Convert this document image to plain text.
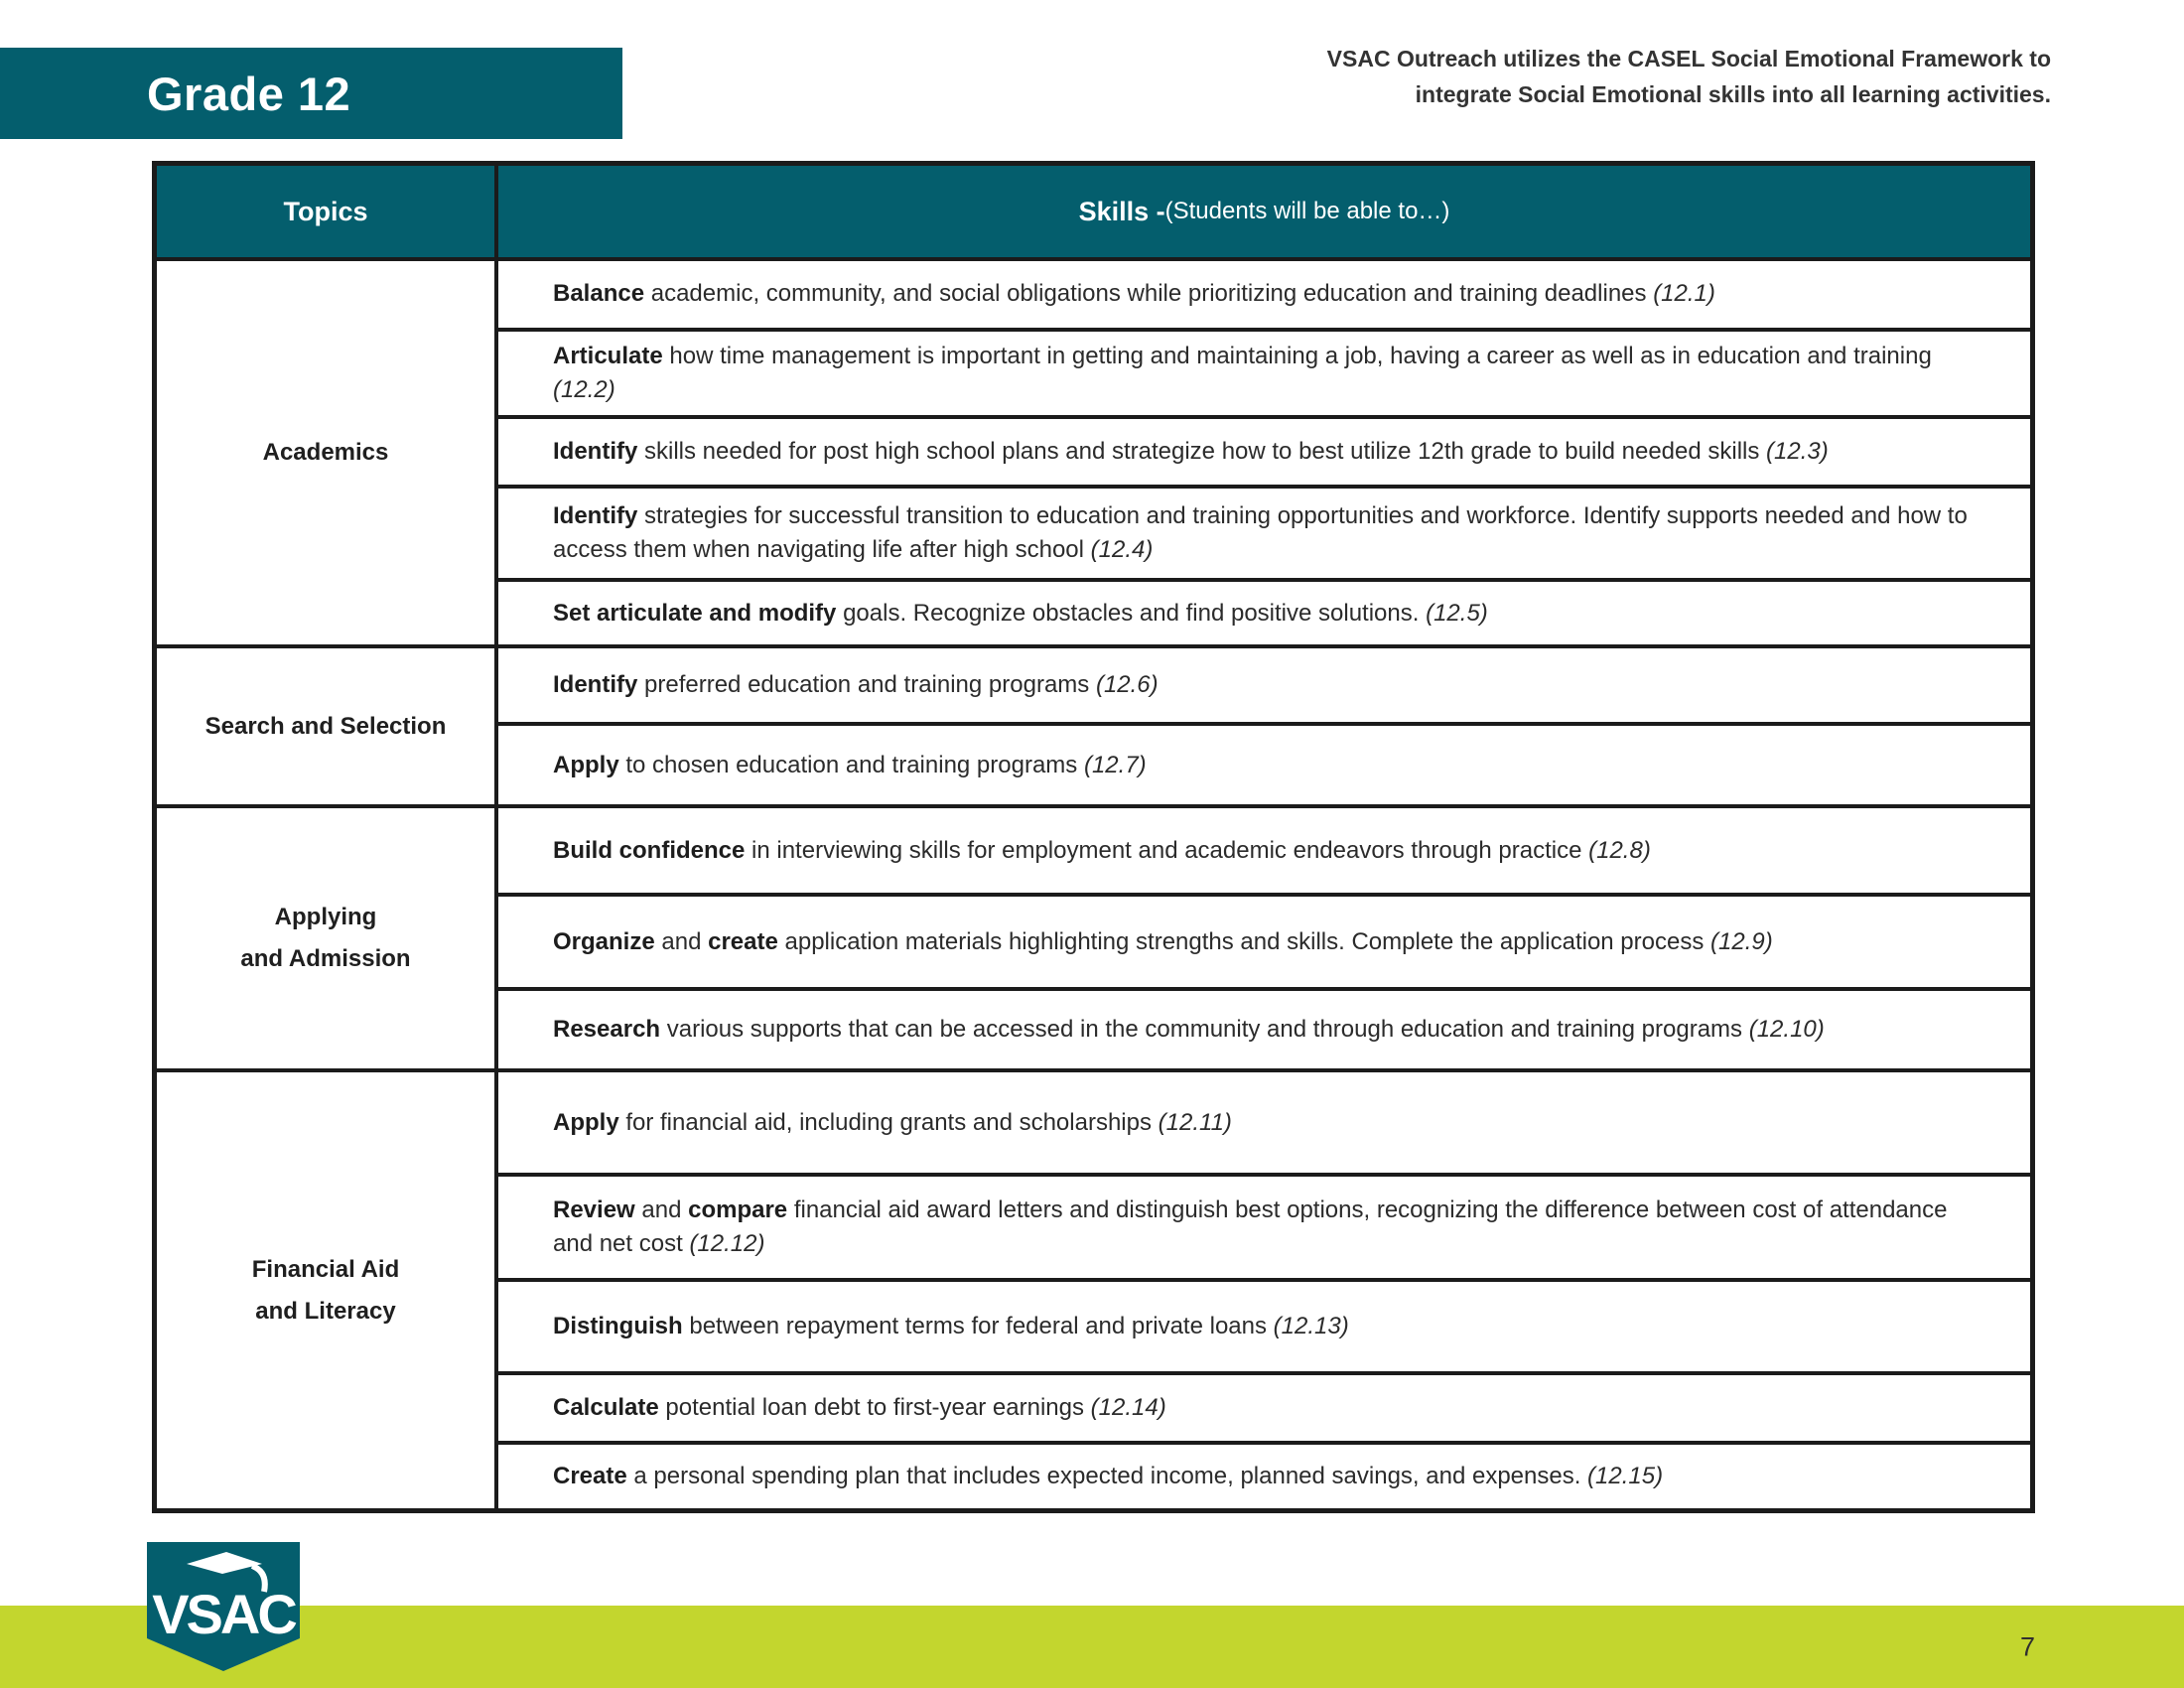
Grade 12
VSAC Outreach utilizes the CASEL Social Emotional Framework to
integrate Social Emotional skills into all learning activities.
Topics	Skills - (Students will be able to…)
Academics
Balance academic, community, and social obligations while prioritizing education and training deadlines (12.1)
Articulate how time management is important in getting and maintaining a job, having a career as well as in education and training (12.2)
Identify skills needed for post high school plans and strategize how to best utilize 12th grade to build needed skills (12.3)
Identify strategies for successful transition to education and training opportunities and workforce. Identify supports needed and how to access them when navigating life after high school (12.4)
Set articulate and modify goals. Recognize obstacles and find positive solutions. (12.5)
Search and Selection
Identify preferred education and training programs (12.6)
Apply to chosen education and training programs (12.7)
Applying
and Admission
Build confidence in interviewing skills for employment and academic endeavors through practice (12.8)
Organize and create application materials highlighting strengths and skills. Complete the application process (12.9)
Research various supports that can be accessed in the community and through education and training programs (12.10)
Financial Aid
and Literacy
Apply for financial aid, including grants and scholarships (12.11)
Review and compare financial aid award letters and distinguish best options, recognizing the difference between cost of attendance and net cost (12.12)
Distinguish between repayment terms for federal and private loans (12.13)
Calculate potential loan debt to first-year earnings (12.14)
Create a personal spending plan that includes expected income, planned savings, and expenses. (12.15)
7
VSAC
